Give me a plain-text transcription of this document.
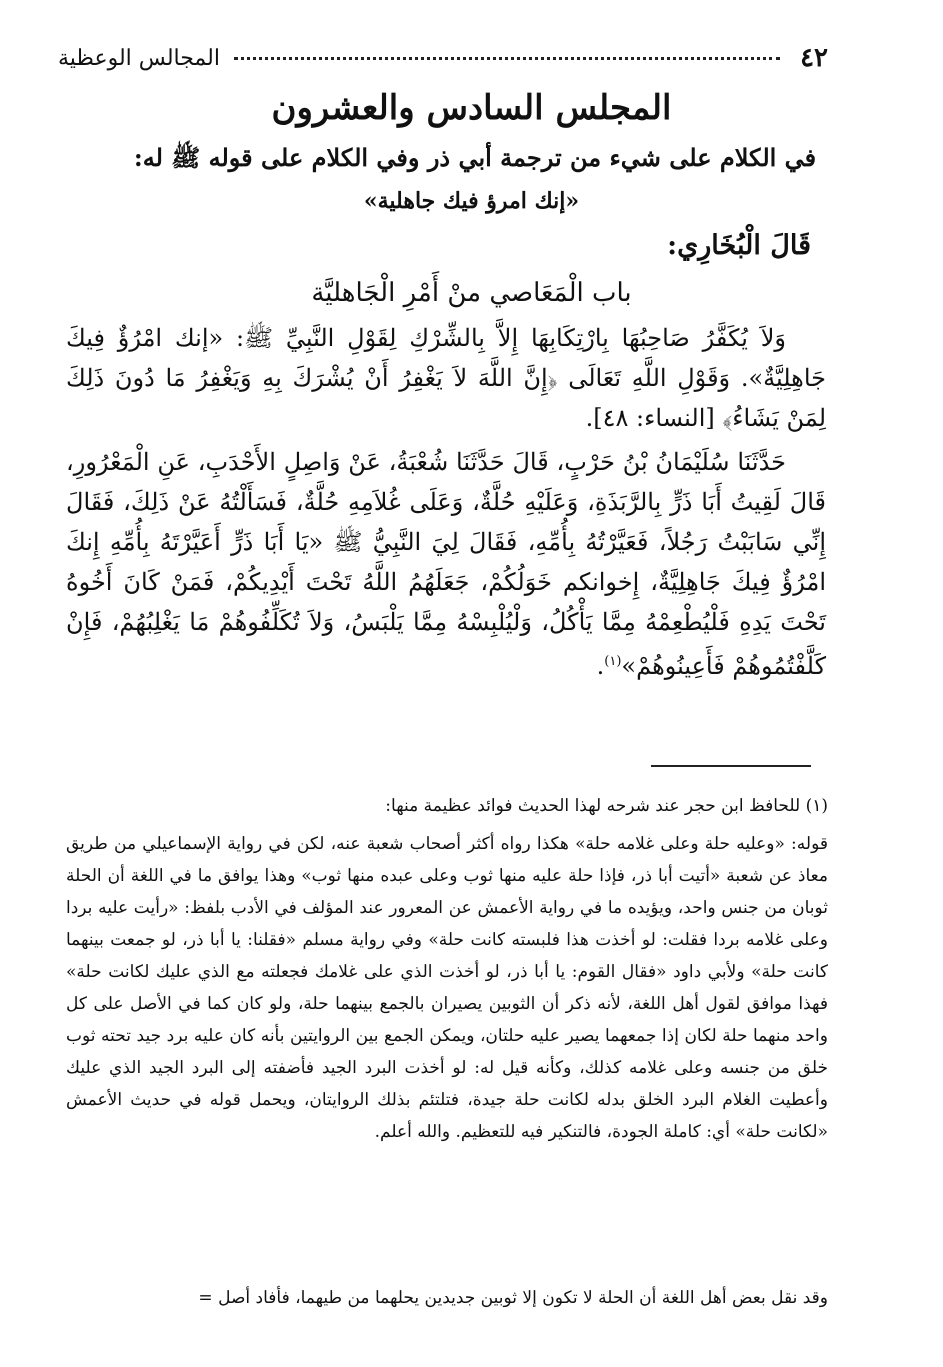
٤٢
المجالس الوعظية
المجلس السادس والعشرون
في الكلام على شيء من ترجمة أبي ذر وفي الكلام على قوله ﷺ له:
«إنك امرؤ فيك جاهلية»
قَالَ الْبُخَارِي:
باب الْمَعَاصي منْ أَمْرِ الْجَاهليَّة
وَلاَ يُكَفَّرُ صَاحِبُهَا بِارْتِكَابِهَا إِلاَّ بِالشِّرْكِ لِقَوْلِ النَّبِيِّ ﷺ: «إنك امْرُؤٌ فِيكَ جَاهِلِيَّةٌ». وَقَوْلِ اللَّهِ تَعَالَى ﴿إِنَّ اللَّهَ لاَ يَغْفِرُ أَنْ يُشْرَكَ بِهِ وَيَغْفِرُ مَا دُونَ ذَلِكَ لِمَنْ يَشَاءُ﴾ [النساء: ٤٨].
حَدَّثَنَا سُلَيْمَانُ بْنُ حَرْبٍ، قَالَ حَدَّثَنَا شُعْبَةُ، عَنْ وَاصِلٍ الأَحْدَبِ، عَنِ الْمَعْرُورِ، قَالَ لَقِيتُ أَبَا ذَرٍّ بِالرَّبَذَةِ، وَعَلَيْهِ حُلَّةٌ، وَعَلَى غُلاَمِهِ حُلَّةٌ، فَسَأَلْتُهُ عَنْ ذَلِكَ، فَقَالَ إِنِّي سَابَبْتُ رَجُلاً، فَعَيَّرْتُهُ بِأُمِّهِ، فَقَالَ لِيَ النَّبِيُّ ﷺ «يَا أَبَا ذَرٍّ أَعَيَّرْتَهُ بِأُمِّهِ إِنكَ امْرُؤٌ فِيكَ جَاهِلِيَّةٌ، إِخوانكم خَوَلُكُمْ، جَعَلَهُمُ اللَّهُ تَحْتَ أَيْدِيكُمْ، فَمَنْ كَانَ أَخُوهُ تَحْتَ يَدِهِ فَلْيُطْعِمْهُ مِمَّا يَأْكُلُ، وَلْيُلْبِسْهُ مِمَّا يَلْبَسُ، وَلاَ تُكَلِّفُوهُمْ مَا يَغْلِبُهُمْ، فَإِنْ كَلَّفْتُمُوهُمْ فَأَعِينُوهُمْ»$^{(١)}$.
(١) للحافظ ابن حجر عند شرحه لهذا الحديث فوائد عظيمة منها:
قوله: «وعليه حلة وعلى غلامه حلة» هكذا رواه أكثر أصحاب شعبة عنه، لكن في رواية الإسماعيلي من طريق معاذ عن شعبة «أتيت أبا ذر، فإذا حلة عليه منها ثوب وعلى عبده منها ثوب» وهذا يوافق ما في اللغة أن الحلة ثوبان من جنس واحد، ويؤيده ما في رواية الأعمش عن المعرور عند المؤلف في الأدب بلفظ: «رأيت عليه بردا وعلى غلامه بردا فقلت: لو أخذت هذا فلبسته كانت حلة» وفي رواية مسلم «فقلنا: يا أبا ذر، لو جمعت بينهما كانت حلة» ولأبي داود «فقال القوم: يا أبا ذر، لو أخذت الذي على غلامك فجعلته مع الذي عليك لكانت حلة» فهذا موافق لقول أهل اللغة، لأنه ذكر أن الثوبين يصيران بالجمع بينهما حلة، ولو كان كما في الأصل على كل واحد منهما حلة لكان إذا جمعهما يصير عليه حلتان، ويمكن الجمع بين الروايتين بأنه كان عليه برد جيد تحته ثوب خلق من جنسه وعلى غلامه كذلك، وكأنه قيل له: لو أخذت البرد الجيد فأضفته إلى البرد الجيد الذي عليك وأعطيت الغلام البرد الخلق بدله لكانت حلة جيدة، فتلتئم بذلك الروايتان، ويحمل قوله في حديث الأعمش «لكانت حلة» أي: كاملة الجودة، فالتنكير فيه للتعظيم. والله أعلم.
وقد نقل بعض أهل اللغة أن الحلة لا تكون إلا ثوبين جديدين يحلهما من طيهما، فأفاد أصل =
